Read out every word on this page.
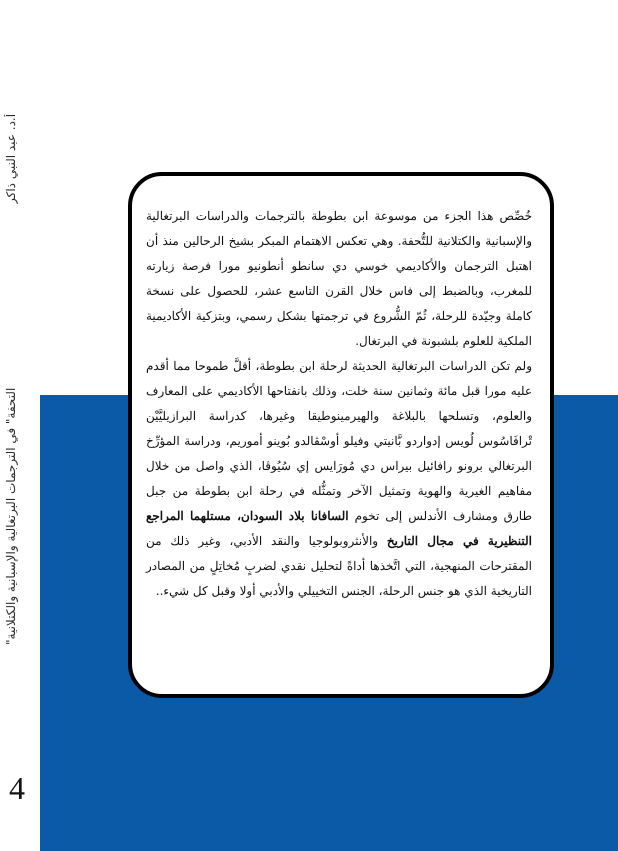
أ.د. عبد النبي ذاكر
"التحفة" في الترجمات البرتغالية والإسبانية والكتلانية
4

خُصِّص هذا الجزء من موسوعة ابن بطوطة بالترجمات والدراسات البرتغالية والإسبانية والكتلانية للتُّحفة. وهي تعكس الاهتمام المبكر بشيخ الرحالين منذ أن اهتبل الترجمان والأكاديمي خوسي دي سانطو أنطونيو مورا فرصة زيارته للمغرب، وبالضبط إلى فاس خلال القرن التاسع عشر، للحصول على نسخة كاملة وجيّدة للرحلة، ثُمّ الشُّروع في ترجمتها بشكل رسمي، وبتزكية الأكاديمية الملكية للعلوم بلشبونة في البرتغال.

ولم تكن الدراسات البرتغالية الحديثة لرحلة ابن بطوطة، أقلَّ طموحا مما أقدم عليه مورا قبل مائة وثمانين سنة خلت، وذلك بانفتاحها الأكاديمي على المعارف والعلوم، وتسلحها بالبلاغة والهيرمينوطيقا وغيرها، كدراسة البرازيليَّيْن تْرافَاسُوس لُويس إدواردو بَّانيتي وفيلو أوسْڤالدو بُوينو أموريم، ودراسة المؤرِّخ البرتغالي برونو رافائيل بيراس دي مُورَايس إي سُيُوڤا، الذي واصل من خلال مفاهيم الغيرية والهوية وتمثيل الآخر وتمثُّله في رحلة ابن بطوطة من جبل طارق ومشارف الأندلس إلى تخوم السافانا بلاد السودان، مستلهما المراجع التنظيرية في مجال التاريخ والأنثروبولوجيا والنقد الأدبي، وغير ذلك من المقترحات المنهجية، التي اتَّخذها أداةً لتحليل نقدي لضربٍ مُخاتِلٍ من المصادر التاريخية الذي هو جنس الرحلة، الجنس التخييلي والأدبي أولا وقبل كل شيء..
